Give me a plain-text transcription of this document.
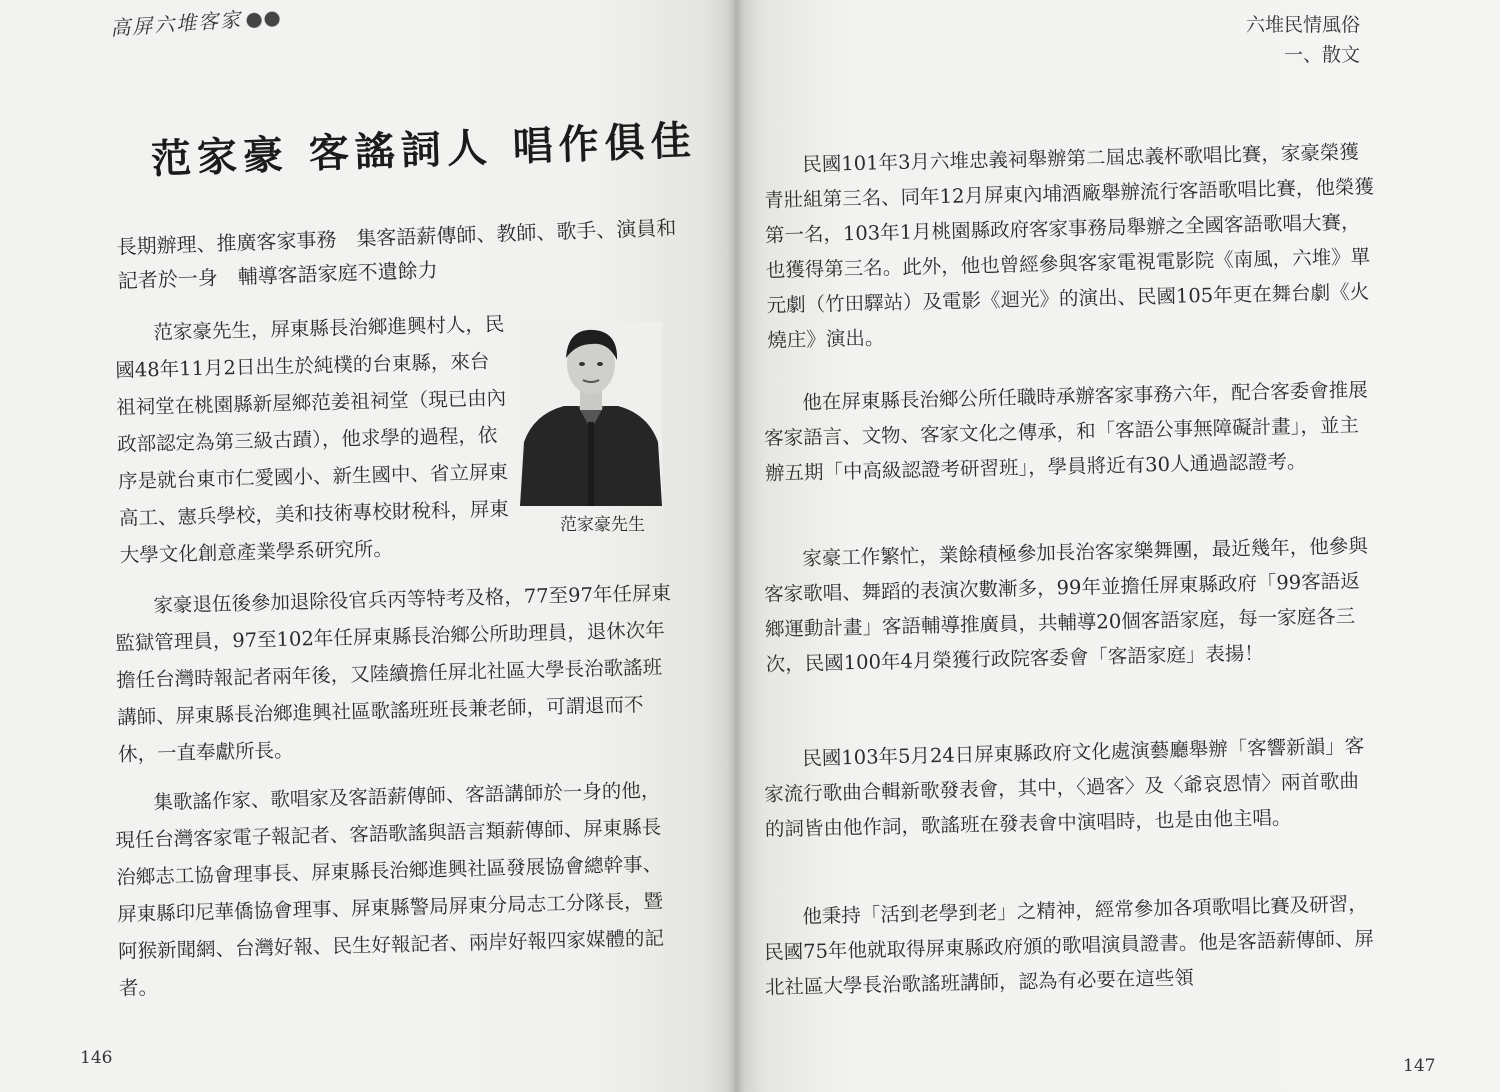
高屏六堆客家
范家豪 客謠詞人 唱作俱佳
長期辦理、推廣客家事務　集客語薪傳師、教師、歌手、演員和記者於一身　輔導客語家庭不遺餘力
范家豪先生，屏東縣長治鄉進興村人，民國48年11月2日出生於純樸的台東縣，來台祖祠堂在桃園縣新屋鄉范姜祖祠堂（現已由內政部認定為第三級古蹟），他求學的過程，依序是就台東市仁愛國小、新生國中、省立屏東高工、憲兵學校，美和技術專校財稅科，屏東大學文化創意產業學系研究所。
范家豪先生
家豪退伍後參加退除役官兵丙等特考及格，77至97年任屏東監獄管理員，97至102年任屏東縣長治鄉公所助理員，退休次年擔任台灣時報記者兩年後，又陸續擔任屏北社區大學長治歌謠班講師、屏東縣長治鄉進興社區歌謠班班長兼老師，可謂退而不休，一直奉獻所長。
集歌謠作家、歌唱家及客語薪傳師、客語講師於一身的他，現任台灣客家電子報記者、客語歌謠與語言類薪傳師、屏東縣長治鄉志工協會理事長、屏東縣長治鄉進興社區發展協會總幹事、屏東縣印尼華僑協會理事、屏東縣警局屏東分局志工分隊長，暨阿猴新聞網、台灣好報、民生好報記者、兩岸好報四家媒體的記者。
146
六堆民情風俗
一、散文
民國101年3月六堆忠義祠舉辦第二屆忠義杯歌唱比賽，家豪榮獲青壯組第三名、同年12月屏東內埔酒廠舉辦流行客語歌唱比賽，他榮獲第一名，103年1月桃園縣政府客家事務局舉辦之全國客語歌唱大賽，也獲得第三名。此外，他也曾經參與客家電視電影院《南風，六堆》單元劇（竹田驛站）及電影《迴光》的演出、民國105年更在舞台劇《火燒庄》演出。
他在屏東縣長治鄉公所任職時承辦客家事務六年，配合客委會推展客家語言、文物、客家文化之傳承，和「客語公事無障礙計畫」，並主辦五期「中高級認證考研習班」，學員將近有30人通過認證考。
家豪工作繁忙，業餘積極參加長治客家樂舞團，最近幾年，他參與客家歌唱、舞蹈的表演次數漸多，99年並擔任屏東縣政府「99客語返鄉運動計畫」客語輔導推廣員，共輔導20個客語家庭，每一家庭各三次，民國100年4月榮獲行政院客委會「客語家庭」表揚！
民國103年5月24日屏東縣政府文化處演藝廳舉辦「客響新韻」客家流行歌曲合輯新歌發表會，其中，〈過客〉及〈爺哀恩情〉兩首歌曲的詞皆由他作詞，歌謠班在發表會中演唱時，也是由他主唱。
他秉持「活到老學到老」之精神，經常參加各項歌唱比賽及研習，民國75年他就取得屏東縣政府頒的歌唱演員證書。他是客語薪傳師、屏北社區大學長治歌謠班講師，認為有必要在這些領
147
